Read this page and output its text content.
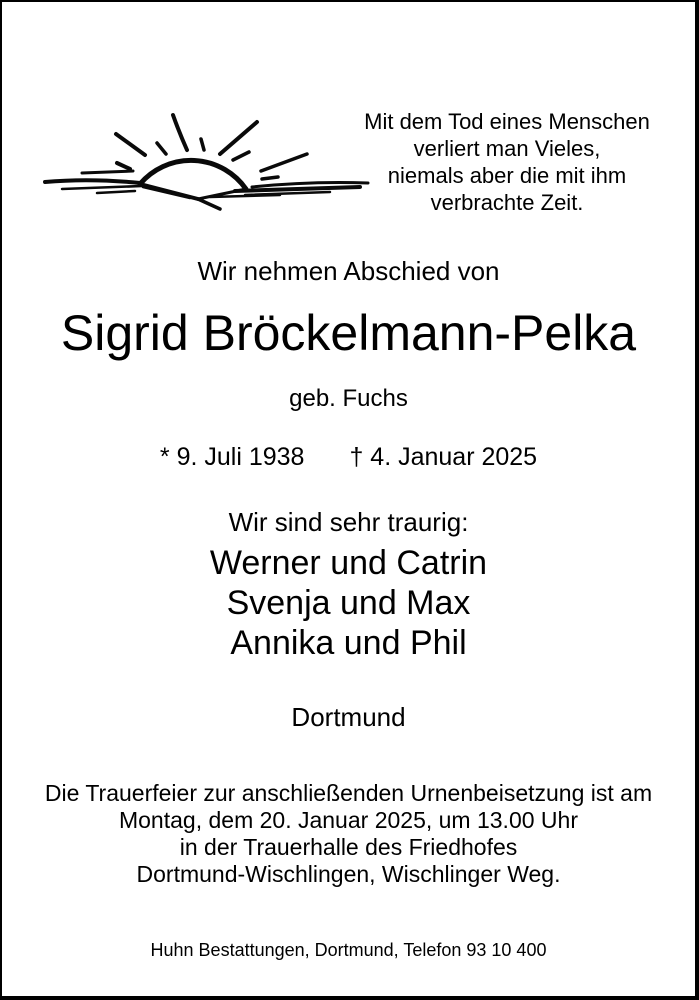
Mit dem Tod eines Menschen
verliert man Vieles,
niemals aber die mit ihm
verbrachte Zeit.
Wir nehmen Abschied von
Sigrid Bröckelmann-Pelka
geb. Fuchs
* 9. Juli 1938 † 4. Januar 2025
Wir sind sehr traurig:
Werner und Catrin
Svenja und Max
Annika und Phil
Dortmund
Die Trauerfeier zur anschließenden Urnenbeisetzung ist am
Montag, dem 20. Januar 2025, um 13.00 Uhr
in der Trauerhalle des Friedhofes
Dortmund-Wischlingen, Wischlinger Weg.
Huhn Bestattungen, Dortmund, Telefon 93 10 400
